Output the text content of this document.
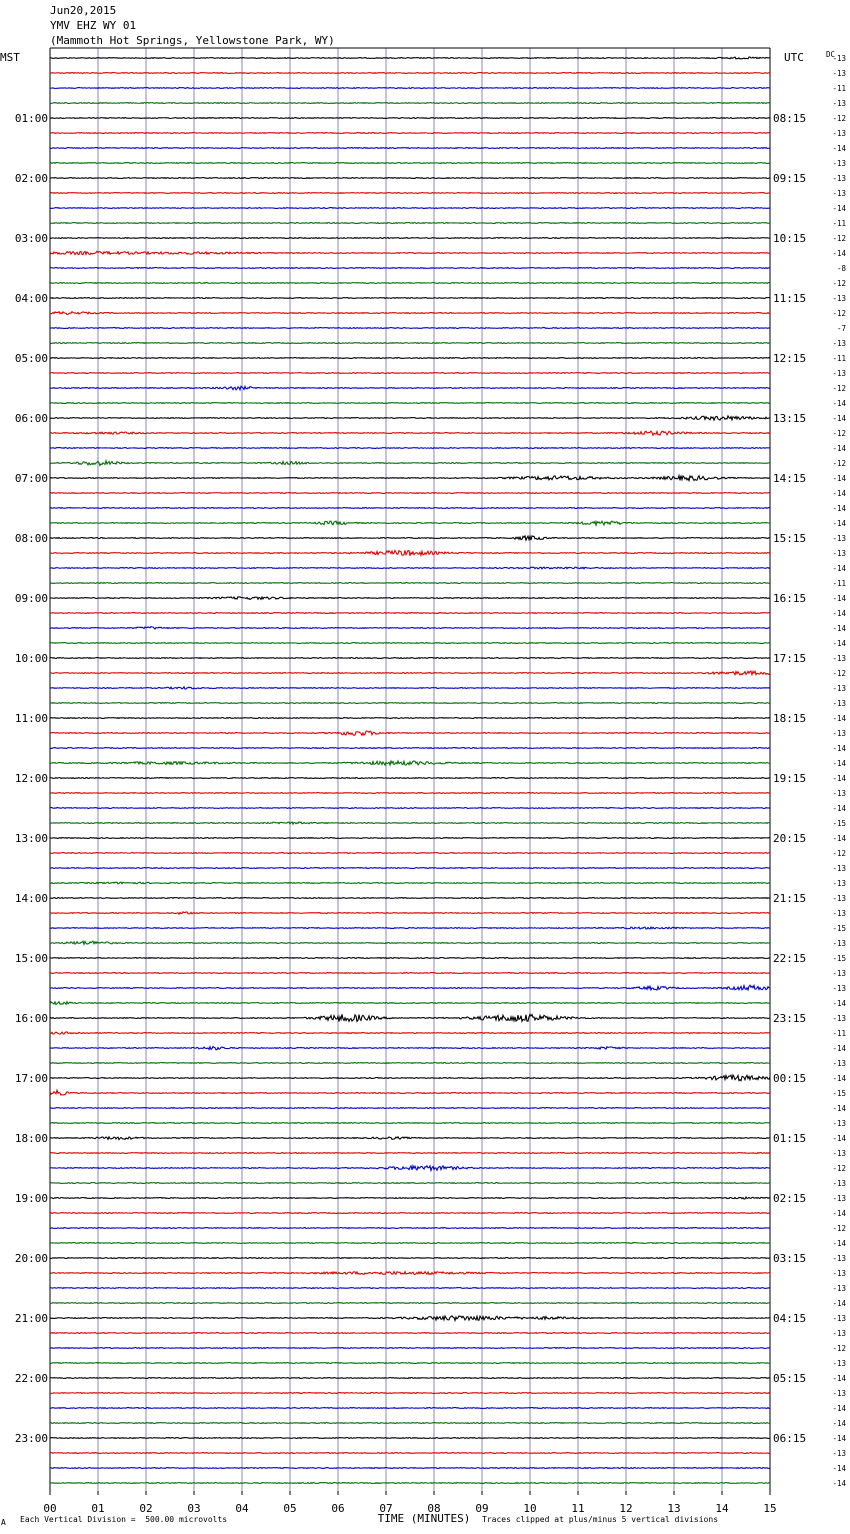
Jun20,2015
YMV EHZ WY 01
(Mammoth Hot Springs, Yellowstone Park, WY)
-13
-13
-11
-13
-12
-13
-14
-13
-13
-13
-14
-11
-12
-14
-8
-12
-13
-12
-7
-13
-11
-13
-12
-14
-14
-12
-14
-12
-14
-14
-14
-14
-13
-13
-14
-11
-14
-14
-14
-14
-13
-12
-13
-13
-14
-13
-14
-14
-14
-13
-14
-15
-14
-12
-13
-13
-13
-13
-15
-13
-15
-13
-13
-14
-13
-11
-14
-13
-14
-15
-14
-13
-14
-13
-12
-13
-13
-14
-12
-14
-13
-13
-13
-14
-13
-13
-12
-13
-14
-13
-14
-14
-14
-13
-14
-14
DC
MST	UTC
01:00	08:15
02:00	09:15
03:00	10:15
04:00	11:15
05:00	12:15
06:00	13:15
07:00	14:15
08:00	15:15
09:00	16:15
10:00	17:15
11:00	18:15
12:00	19:15
13:00	20:15
14:00	21:15
15:00	22:15
16:00	23:15
17:00	00:15
18:00	01:15
19:00	02:15
20:00	03:15
21:00	04:15
22:00	05:15
23:00	06:15
00	01	02	03	04	05	06	07	08	09	10	11	12	13	14	15
TIME (MINUTES)
A Each Vertical Division =  500.00 microvolts	Traces clipped at plus/minus 5 vertical divisions
